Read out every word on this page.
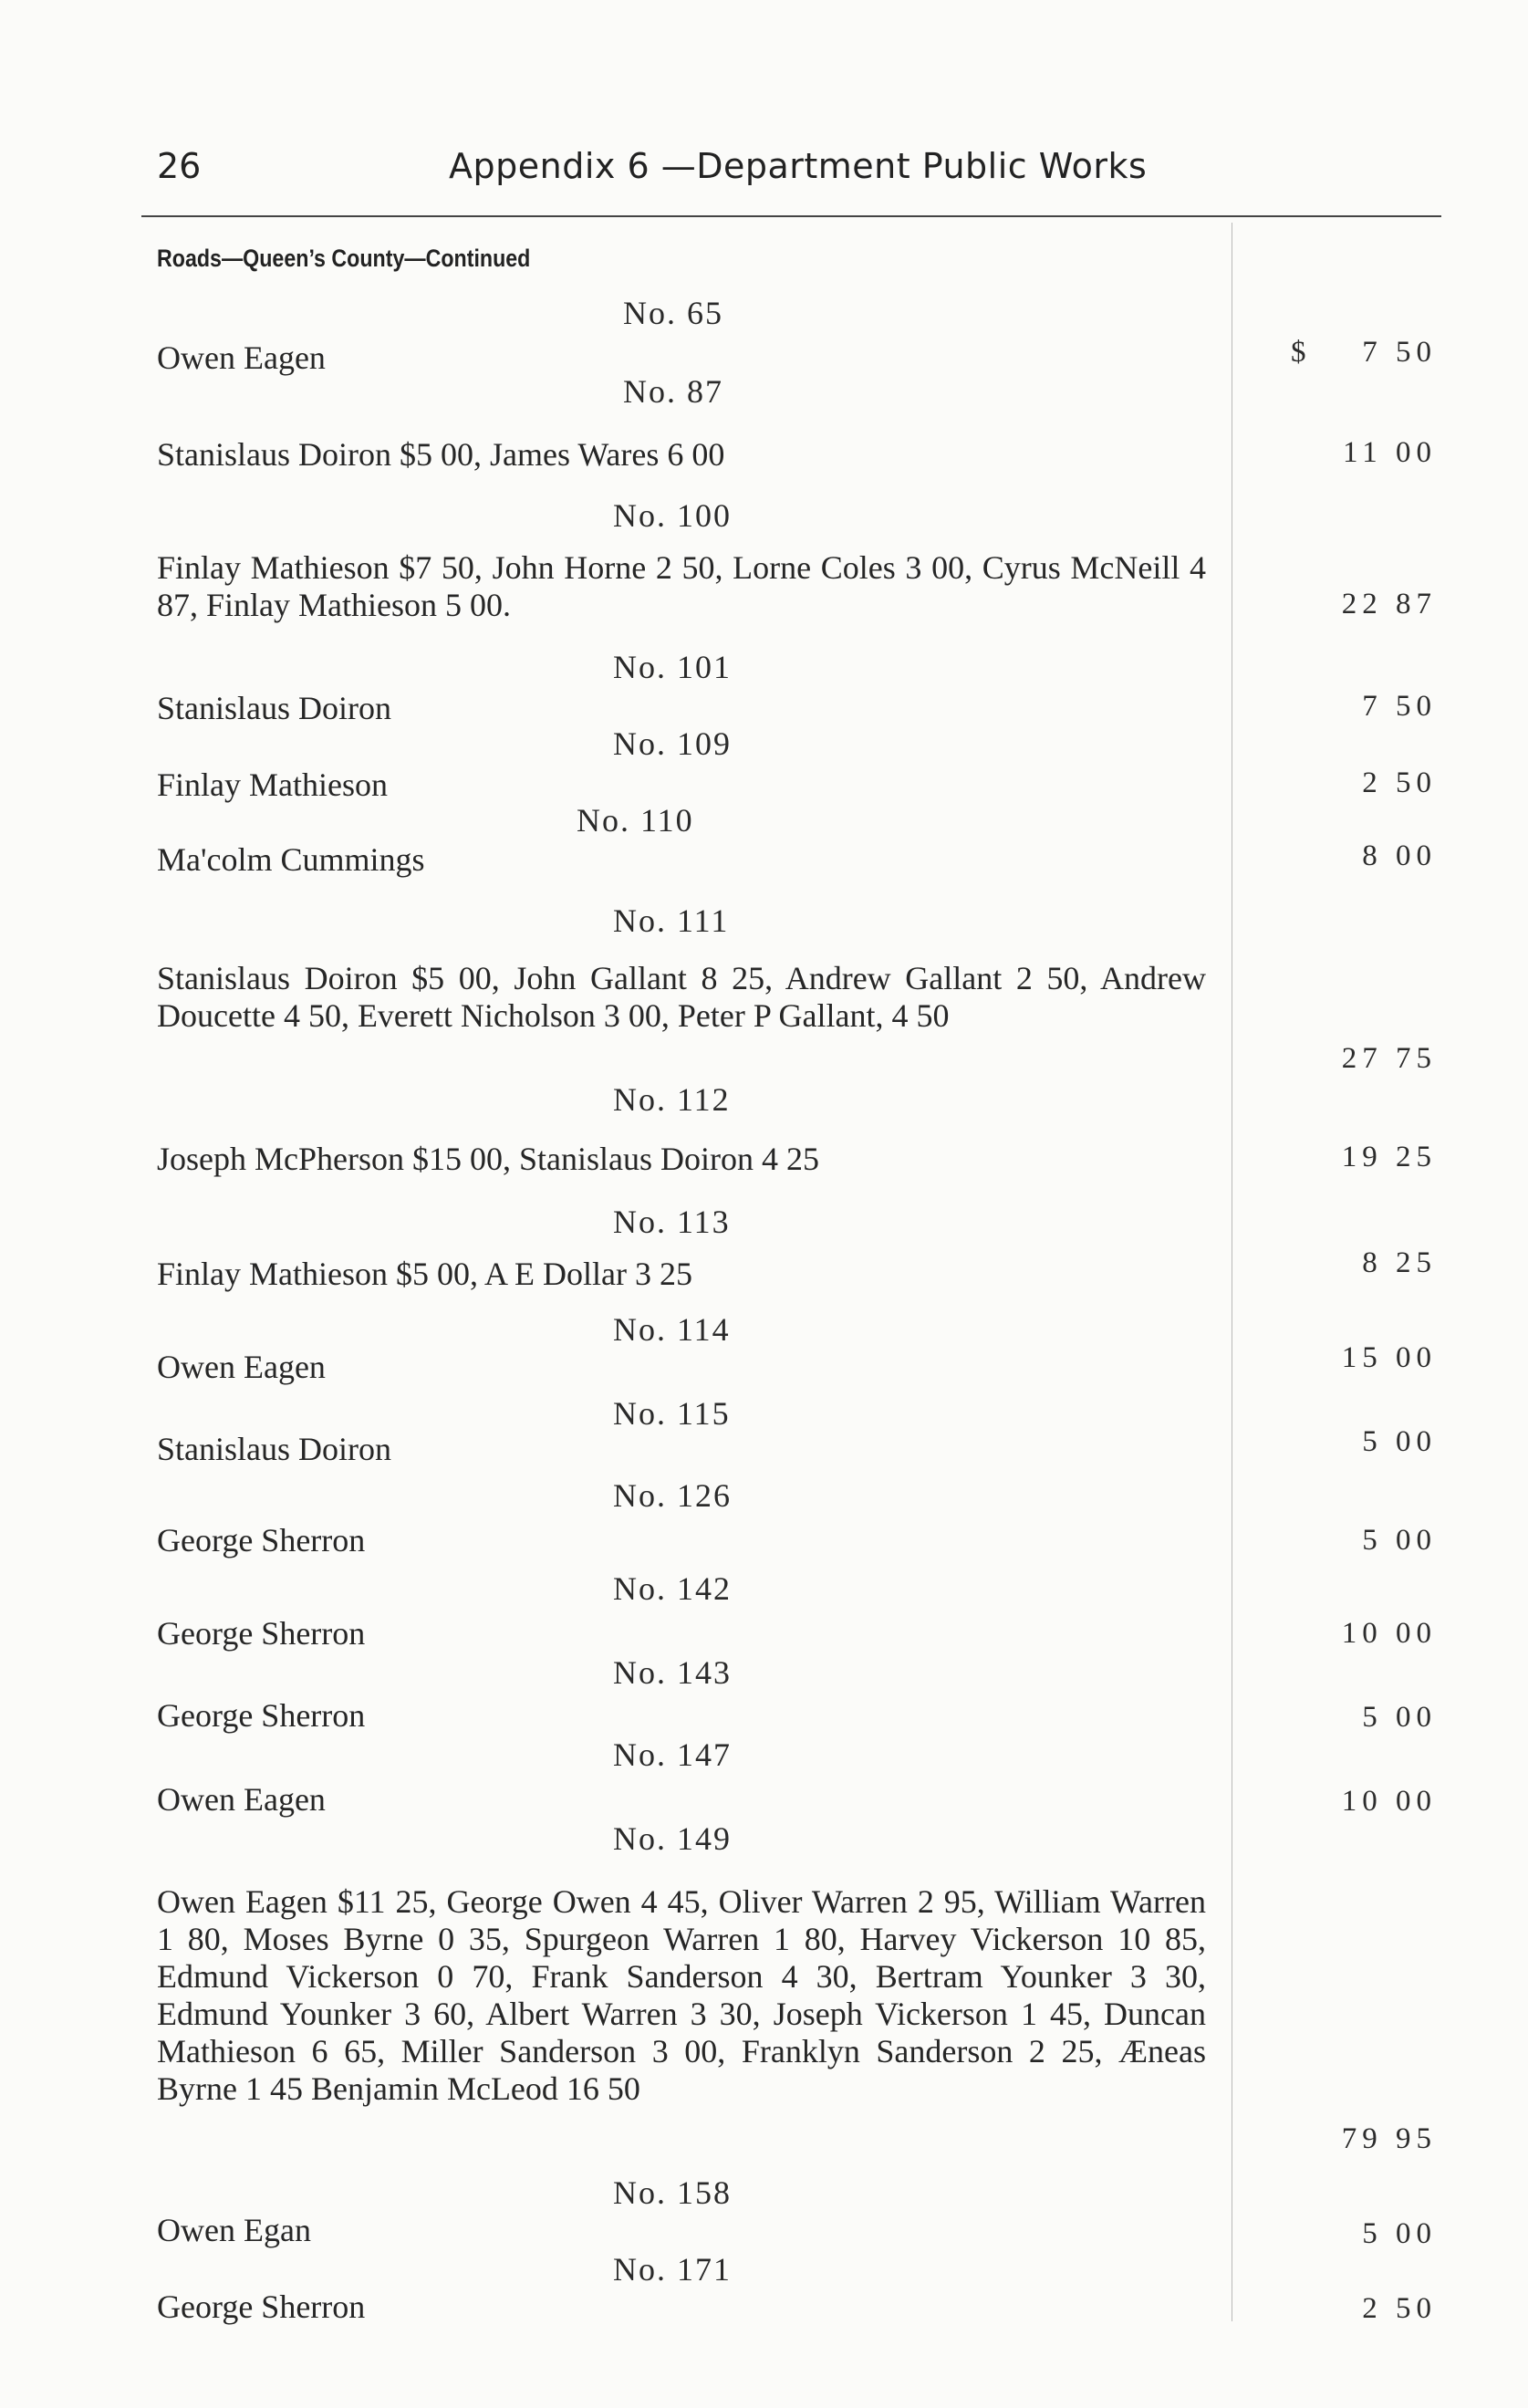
26	Appendix 6 —Department Public Works
Roads—Queen’s County—Continued
No. 65
Owen Eagen	$	7 50
No. 87
Stanislaus Doiron $5 00, James Wares 6 00	11 00
No. 100
Finlay Mathieson $7 50, John Horne 2 50, Lorne Coles 3 00, Cyrus McNeill 4 87, Finlay Mathieson 5 00.	22 87
No. 101
Stanislaus Doiron	7 50
No. 109
Finlay Mathieson	2 50
No. 110
Ma'colm Cummings	8 00
No. 111
Stanislaus Doiron $5 00, John Gallant 8 25, Andrew Gallant 2 50, Andrew Doucette 4 50, Everett Nicholson 3 00, Peter P Gallant, 4 50
27 75
No. 112
Joseph McPherson $15 00, Stanislaus Doiron 4 25	19 25
No. 113
Finlay Mathieson $5 00, A E Dollar 3 25	8 25
No. 114
Owen Eagen	15 00
No. 115
Stanislaus Doiron	5 00
No. 126
George Sherron	5 00
No. 142
George Sherron	10 00
No. 143
George Sherron	5 00
No. 147
Owen Eagen	10 00
No. 149
Owen Eagen $11 25, George Owen 4 45, Oliver Warren 2 95, William Warren 1 80, Moses Byrne 0 35, Spurgeon Warren 1 80, Harvey Vickerson 10 85, Edmund Vickerson 0 70, Frank Sanderson 4 30, Bertram Younker 3 30, Edmund Younker 3 60, Albert Warren 3 30, Joseph Vickerson 1 45, Duncan Mathieson 6 65, Miller Sanderson 3 00, Franklyn Sanderson 2 25, Æneas Byrne 1 45 Benjamin McLeod 16 50
79 95
No. 158
Owen Egan	5 00
No. 171
George Sherron	2 50
